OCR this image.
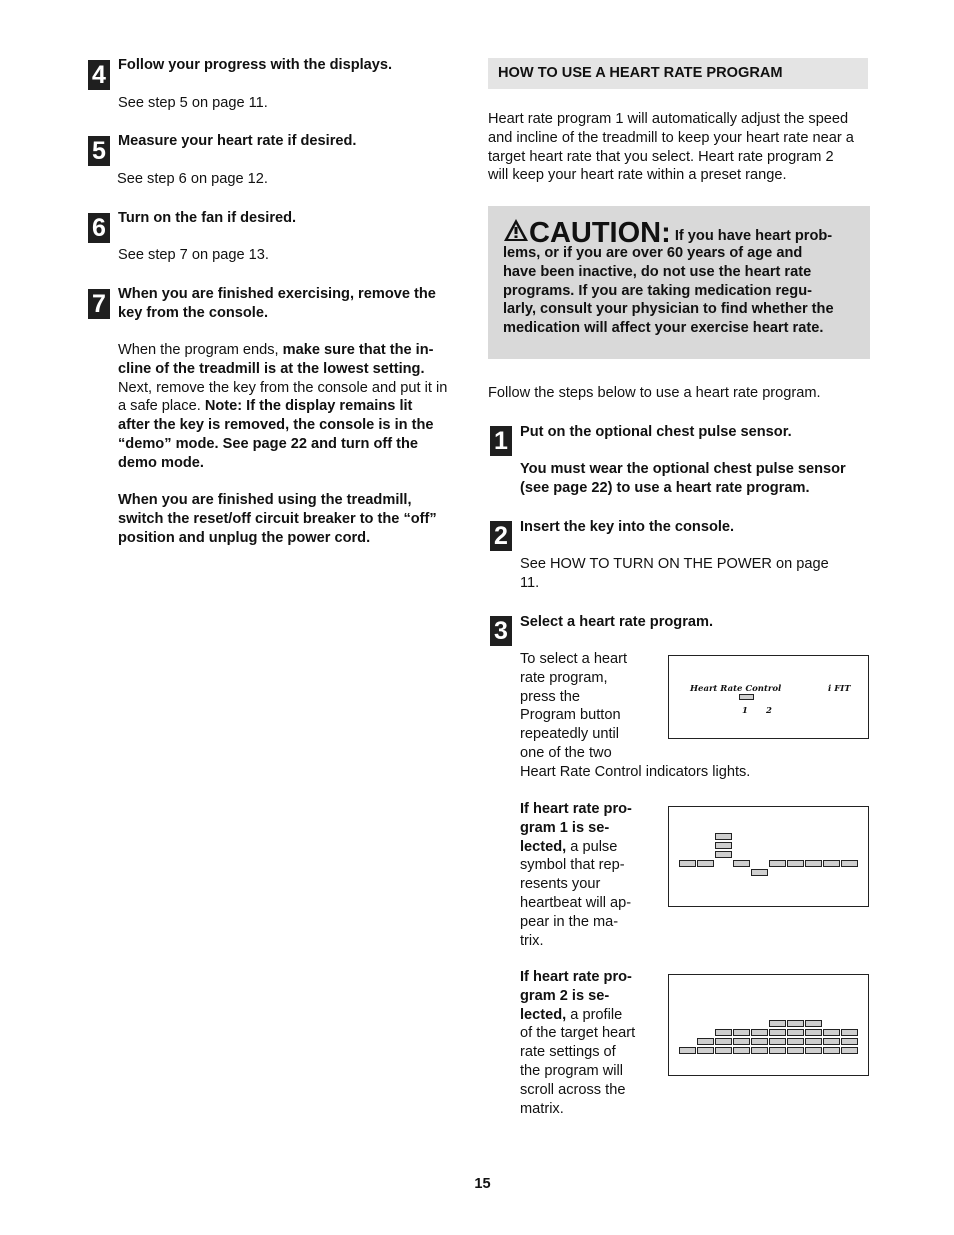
4 Follow your progress with the displays.
See step 5 on page 11.
5 Measure your heart rate if desired.
See step 6 on page 12.
6 Turn on the fan if desired.
See step 7 on page 13.
7 When you are finished exercising, remove the
key from the console.
When the program ends, make sure that the in-
cline of the treadmill is at the lowest setting.
Next, remove the key from the console and put it in
a safe place. Note: If the display remains lit
after the key is removed, the console is in the
“demo” mode. See page 22 and turn off the
demo mode.
When you are finished using the treadmill,
switch the reset/off circuit breaker to the “off”
position and unplug the power cord.
HOW TO USE A HEART RATE PROGRAM
Heart rate program 1 will automatically adjust the speed
and incline of the treadmill to keep your heart rate near a
target heart rate that you select. Heart rate program 2
will keep your heart rate within a preset range.
CAUTION: If you have heart prob-
lems, or if you are over 60 years of age and
have been inactive, do not use the heart rate
programs. If you are taking medication regu-
larly, consult your physician to find whether the
medication will affect your exercise heart rate.
Follow the steps below to use a heart rate program.
1 Put on the optional chest pulse sensor.
You must wear the optional chest pulse sensor
(see page 22) to use a heart rate program.
2 Insert the key into the console.
See HOW TO TURN ON THE POWER on page
11.
3 Select a heart rate program.
To select a heart
rate program,
press the
Program button
repeatedly until
one of the two
Heart Rate Control indicators lights.
If heart rate pro-
gram 1 is se-
lected, a pulse
symbol that rep-
resents your
heartbeat will ap-
pear in the ma-
trix.
If heart rate pro-
gram 2 is se-
lected, a profile
of the target heart
rate settings of
the program will
scroll across the
matrix.
Heart Rate Control	i FIT
1 2
15
